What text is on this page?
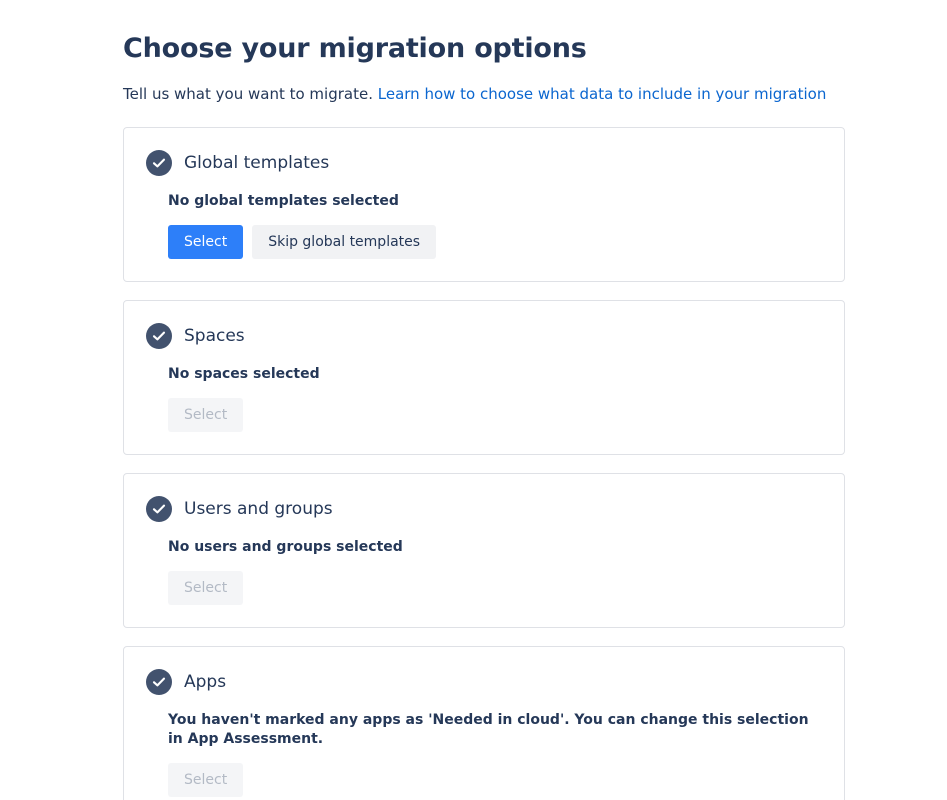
Choose your migration options
Tell us what you want to migrate. Learn how to choose what data to include in your migration
Global templates
No global templates selected
Select	Skip global templates
Spaces
No spaces selected
Select
Users and groups
No users and groups selected
Select
Apps
You haven't marked any apps as 'Needed in cloud'. You can change this selection in App Assessment.
Select
